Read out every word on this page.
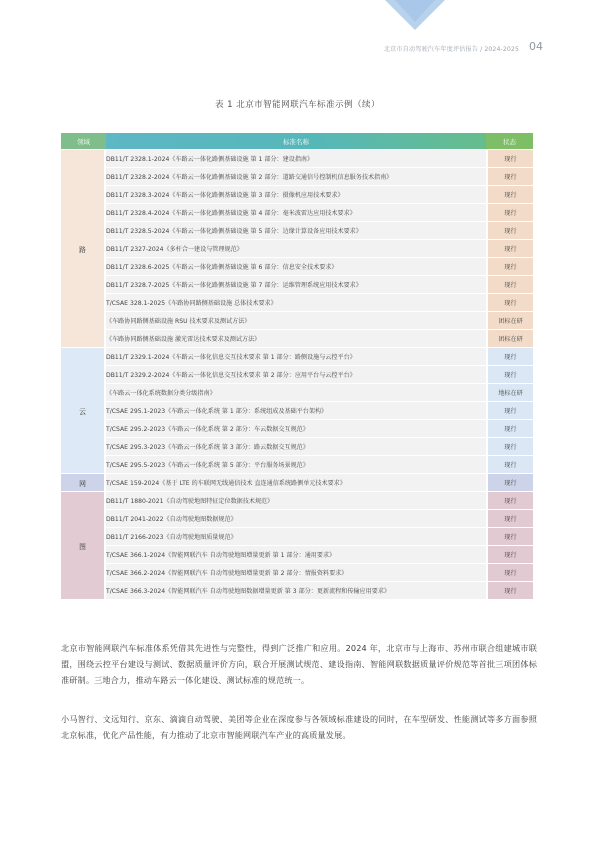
北京市自动驾驶汽车年度评估报告 / 2024-2025 04
表 1 北京市智能网联汽车标准示例（续）
领域	标准名称	状态
路	DB11/T 2328.1-2024《车路云一体化路侧基础设施 第 1 部分：建设指南》	现行
	DB11/T 2328.2-2024《车路云一体化路侧基础设施 第 2 部分：道路交通信号控制机信息服务技术指南》	现行
	DB11/T 2328.3-2024《车路云一体化路侧基础设施 第 3 部分：摄像机应用技术要求》	现行
	DB11/T 2328.4-2024《车路云一体化路侧基础设施 第 4 部分：毫米波雷达应用技术要求》	现行
	DB11/T 2328.5-2024《车路云一体化路侧基础设施 第 5 部分：边缘计算设备应用技术要求》	现行
	DB11/T 2327-2024《多杆合一建设与管理规范》	现行
	DB11/T 2328.6-2025《车路云一体化路侧基础设施 第 6 部分：信息安全技术要求》	现行
	DB11/T 2328.7-2025《车路云一体化路侧基础设施 第 7 部分：运维管理系统应用技术要求》	现行
	T/CSAE 328.1-2025《车路协同路侧基础设施 总体技术要求》	现行
	《车路协同路侧基础设施 RSU 技术要求及测试方法》	团标在研
	《车路协同路侧基础设施 激光雷达技术要求及测试方法》	团标在研
云	DB11/T 2329.1-2024《车路云一体化信息交互技术要求 第 1 部分：路侧设施与云控平台》	现行
	DB11/T 2329.2-2024《车路云一体化信息交互技术要求 第 2 部分：应用平台与云控平台》	现行
	《车路云一体化系统数据分类分级指南》	地标在研
	T/CSAE 295.1-2023《车路云一体化系统 第 1 部分：系统组成及基础平台架构》	现行
	T/CSAE 295.2-2023《车路云一体化系统 第 2 部分：车云数据交互规范》	现行
	T/CSAE 295.3-2023《车路云一体化系统 第 3 部分：路云数据交互规范》	现行
	T/CSAE 295.5-2023《车路云一体化系统 第 5 部分：平台服务场景规范》	现行
网	T/CSAE 159-2024《基于 LTE 的车联网无线通信技术 直连通信系统路侧单元技术要求》	现行
图	DB11/T 1880-2021《自动驾驶地图特征定位数据技术规范》	现行
	DB11/T 2041-2022《自动驾驶地图数据规范》	现行
	DB11/T 2166-2023《自动驾驶地图质量规范》	现行
	T/CSAE 366.1-2024《智能网联汽车 自动驾驶地图增量更新 第 1 部分：通用要求》	现行
	T/CSAE 366.2-2024《智能网联汽车 自动驾驶地图增量更新 第 2 部分：情报资料要求》	现行
	T/CSAE 366.3-2024《智能网联汽车 自动驾驶地图数据增量更新 第 3 部分：更新流程和传输应用要求》	现行

北京市智能网联汽车标准体系凭借其先进性与完整性，得到广泛推广和应用。2024 年，北京市与上海市、苏州市联合组建城市联盟，围绕云控平台建设与测试、数据质量评价方向，联合开展测试规范、建设指南、智能网联数据质量评价规范等首批三项团体标准研制。三地合力，推动车路云一体化建设、测试标准的规范统一。

小马智行、文远知行、京东、滴滴自动驾驶、美团等企业在深度参与各领域标准建设的同时，在车型研发、性能测试等多方面参照北京标准，优化产品性能，有力推动了北京市智能网联汽车产业的高质量发展。
